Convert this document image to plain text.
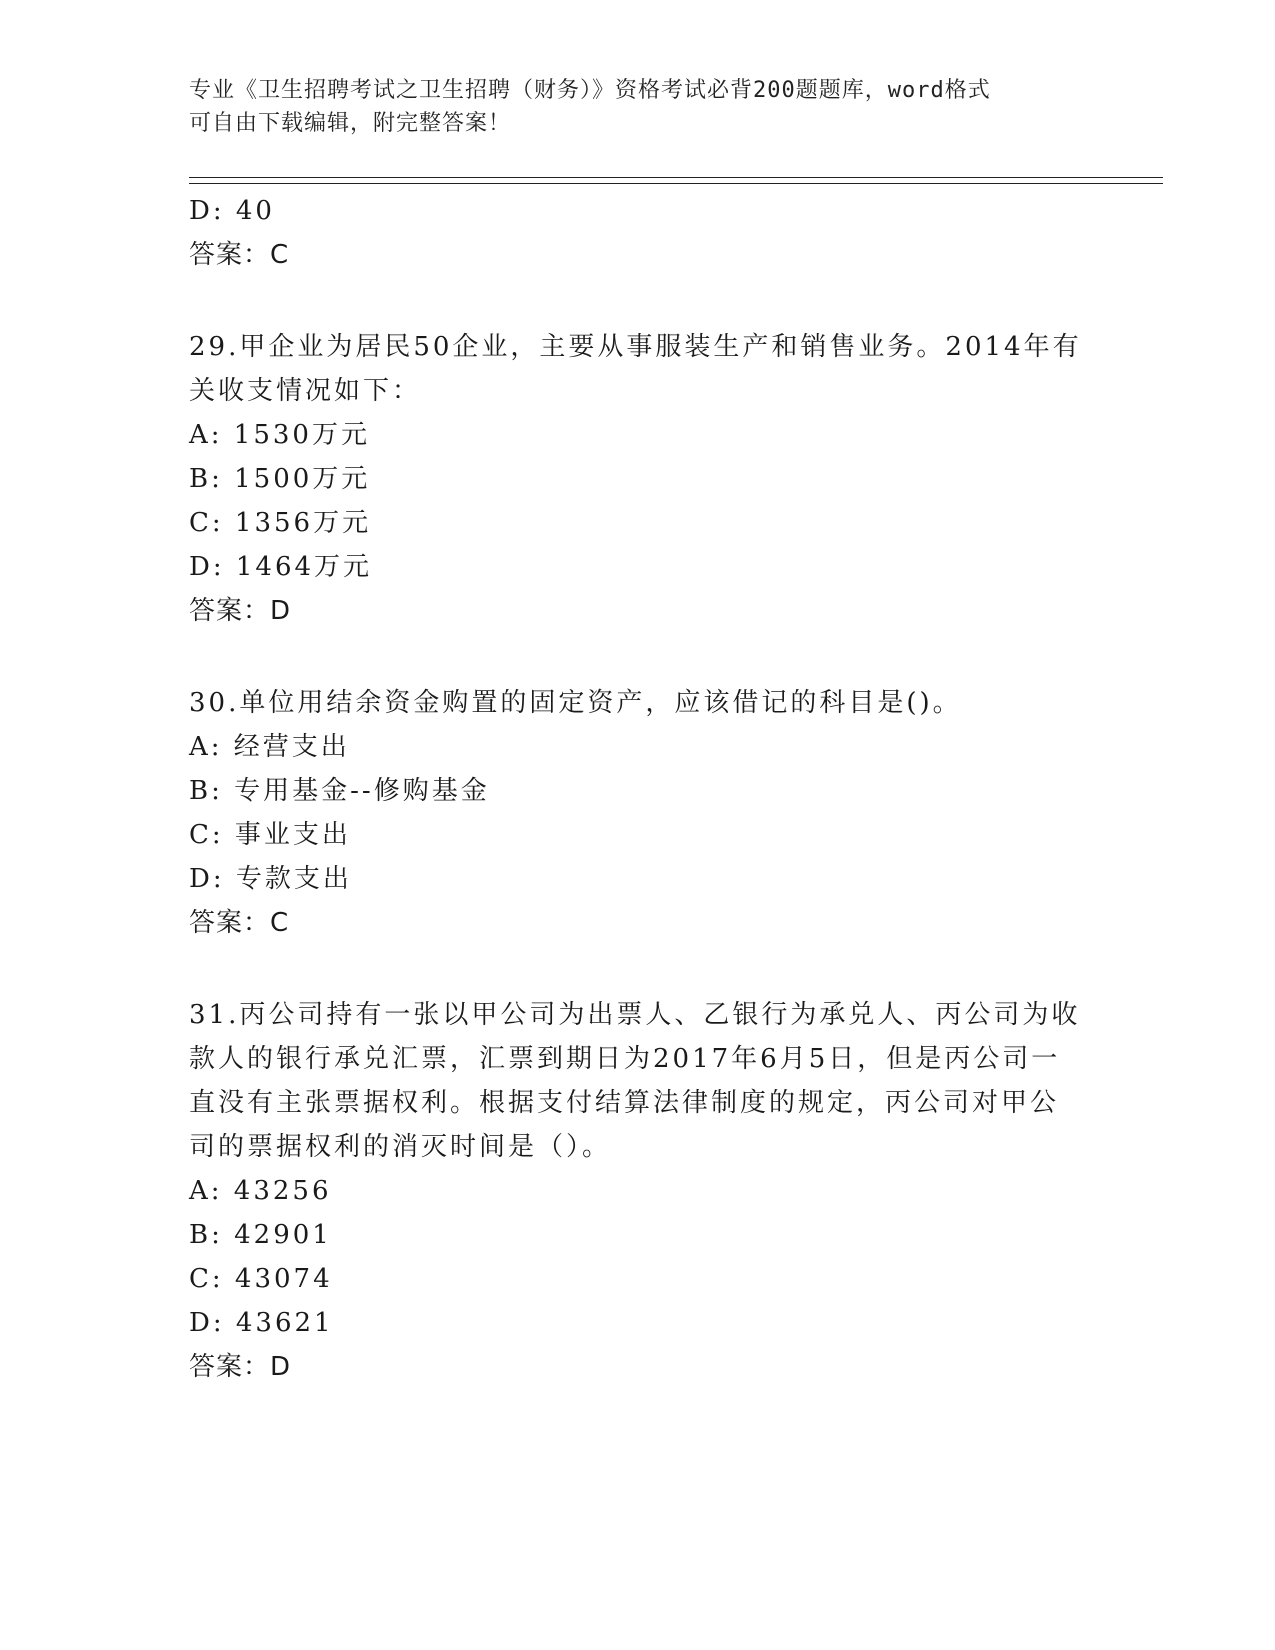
专业《卫生招聘考试之卫生招聘（财务）》资格考试必背200题题库，word格式
可自由下载编辑，附完整答案！
D: 40
答案：C
29.甲企业为居民50企业，主要从事服装生产和销售业务。2014年有
关收支情况如下：
A: 1530万元
B: 1500万元
C: 1356万元
D: 1464万元
答案：D
30.单位用结余资金购置的固定资产，应该借记的科目是()。
A: 经营支出
B: 专用基金--修购基金
C: 事业支出
D: 专款支出
答案：C
31.丙公司持有一张以甲公司为出票人、乙银行为承兑人、丙公司为收
款人的银行承兑汇票，汇票到期日为2017年6月5日，但是丙公司一
直没有主张票据权利。根据支付结算法律制度的规定，丙公司对甲公
司的票据权利的消灭时间是（）。
A: 43256
B: 42901
C: 43074
D: 43621
答案：D
